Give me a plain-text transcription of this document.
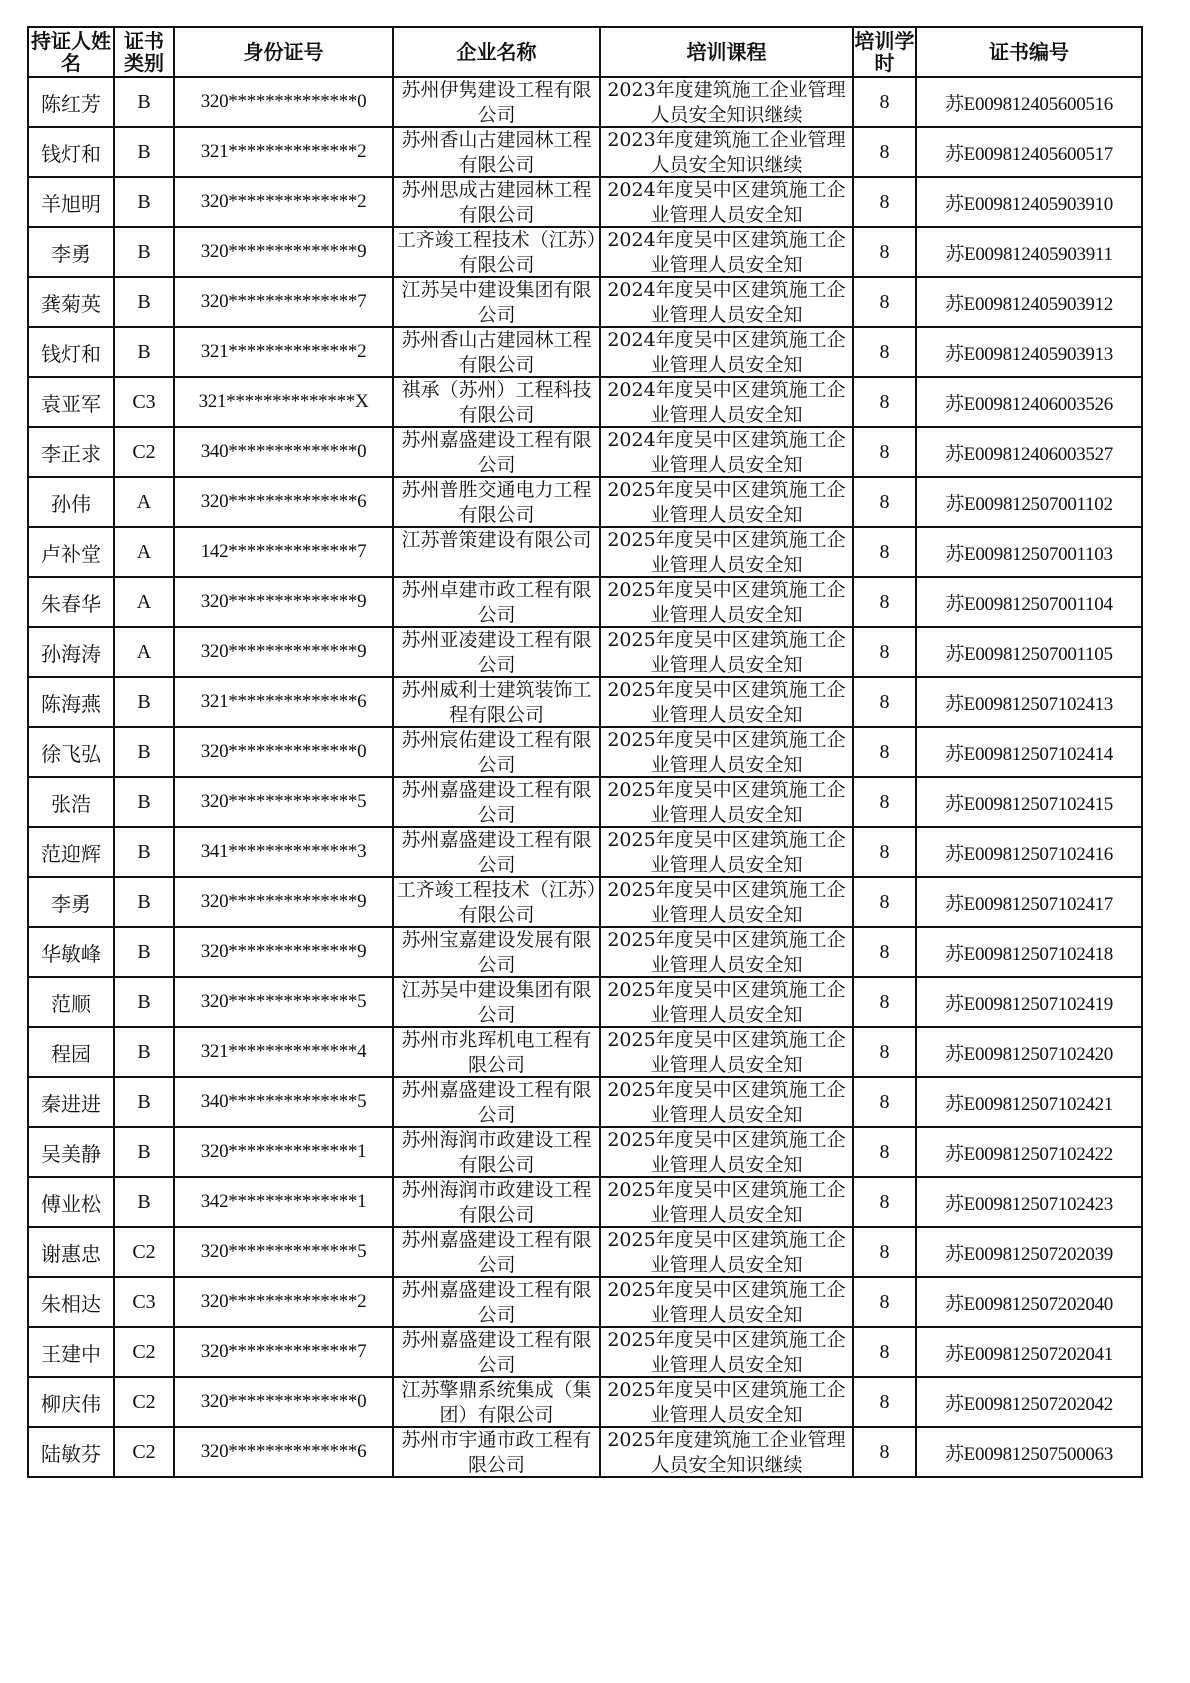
持证人姓名	证书类别	身份证号	企业名称	培训课程	培训学时	证书编号

陈红芳	B	320**************0	苏州伊隽建设工程有限公司	2023年度建筑施工企业管理人员安全知识继续	8	苏E009812405600516

钱灯和	B	321**************2	苏州香山古建园林工程有限公司	2023年度建筑施工企业管理人员安全知识继续	8	苏E009812405600517

羊旭明	B	320**************2	苏州思成古建园林工程有限公司	2024年度吴中区建筑施工企业管理人员安全知	8	苏E009812405903910

李勇	B	320**************9	工齐竣工程技术（江苏）有限公司	2024年度吴中区建筑施工企业管理人员安全知	8	苏E009812405903911

龚菊英	B	320**************7	江苏吴中建设集团有限公司	2024年度吴中区建筑施工企业管理人员安全知	8	苏E009812405903912

钱灯和	B	321**************2	苏州香山古建园林工程有限公司	2024年度吴中区建筑施工企业管理人员安全知	8	苏E009812405903913

袁亚军	C3	321**************X	祺承（苏州）工程科技有限公司	2024年度吴中区建筑施工企业管理人员安全知	8	苏E009812406003526

李正求	C2	340**************0	苏州嘉盛建设工程有限公司	2024年度吴中区建筑施工企业管理人员安全知	8	苏E009812406003527

孙伟	A	320**************6	苏州普胜交通电力工程有限公司	2025年度吴中区建筑施工企业管理人员安全知	8	苏E009812507001102

卢补堂	A	142**************7	江苏普策建设有限公司	2025年度吴中区建筑施工企业管理人员安全知	8	苏E009812507001103

朱春华	A	320**************9	苏州卓建市政工程有限公司	2025年度吴中区建筑施工企业管理人员安全知	8	苏E009812507001104

孙海涛	A	320**************9	苏州亚凌建设工程有限公司	2025年度吴中区建筑施工企业管理人员安全知	8	苏E009812507001105

陈海燕	B	321**************6	苏州威利士建筑装饰工程有限公司	2025年度吴中区建筑施工企业管理人员安全知	8	苏E009812507102413

徐飞弘	B	320**************0	苏州宸佑建设工程有限公司	2025年度吴中区建筑施工企业管理人员安全知	8	苏E009812507102414

张浩	B	320**************5	苏州嘉盛建设工程有限公司	2025年度吴中区建筑施工企业管理人员安全知	8	苏E009812507102415

范迎辉	B	341**************3	苏州嘉盛建设工程有限公司	2025年度吴中区建筑施工企业管理人员安全知	8	苏E009812507102416

李勇	B	320**************9	工齐竣工程技术（江苏）有限公司	2025年度吴中区建筑施工企业管理人员安全知	8	苏E009812507102417

华敏峰	B	320**************9	苏州宝嘉建设发展有限公司	2025年度吴中区建筑施工企业管理人员安全知	8	苏E009812507102418

范顺	B	320**************5	江苏吴中建设集团有限公司	2025年度吴中区建筑施工企业管理人员安全知	8	苏E009812507102419

程园	B	321**************4	苏州市兆珲机电工程有限公司	2025年度吴中区建筑施工企业管理人员安全知	8	苏E009812507102420

秦进进	B	340**************5	苏州嘉盛建设工程有限公司	2025年度吴中区建筑施工企业管理人员安全知	8	苏E009812507102421

吴美静	B	320**************1	苏州海润市政建设工程有限公司	2025年度吴中区建筑施工企业管理人员安全知	8	苏E009812507102422

傅业松	B	342**************1	苏州海润市政建设工程有限公司	2025年度吴中区建筑施工企业管理人员安全知	8	苏E009812507102423

谢惠忠	C2	320**************5	苏州嘉盛建设工程有限公司	2025年度吴中区建筑施工企业管理人员安全知	8	苏E009812507202039

朱相达	C3	320**************2	苏州嘉盛建设工程有限公司	2025年度吴中区建筑施工企业管理人员安全知	8	苏E009812507202040

王建中	C2	320**************7	苏州嘉盛建设工程有限公司	2025年度吴中区建筑施工企业管理人员安全知	8	苏E009812507202041

柳庆伟	C2	320**************0	江苏擎鼎系统集成（集团）有限公司	2025年度吴中区建筑施工企业管理人员安全知	8	苏E009812507202042

陆敏芬	C2	320**************6	苏州市宇通市政工程有限公司	2025年度建筑施工企业管理人员安全知识继续	8	苏E009812507500063
